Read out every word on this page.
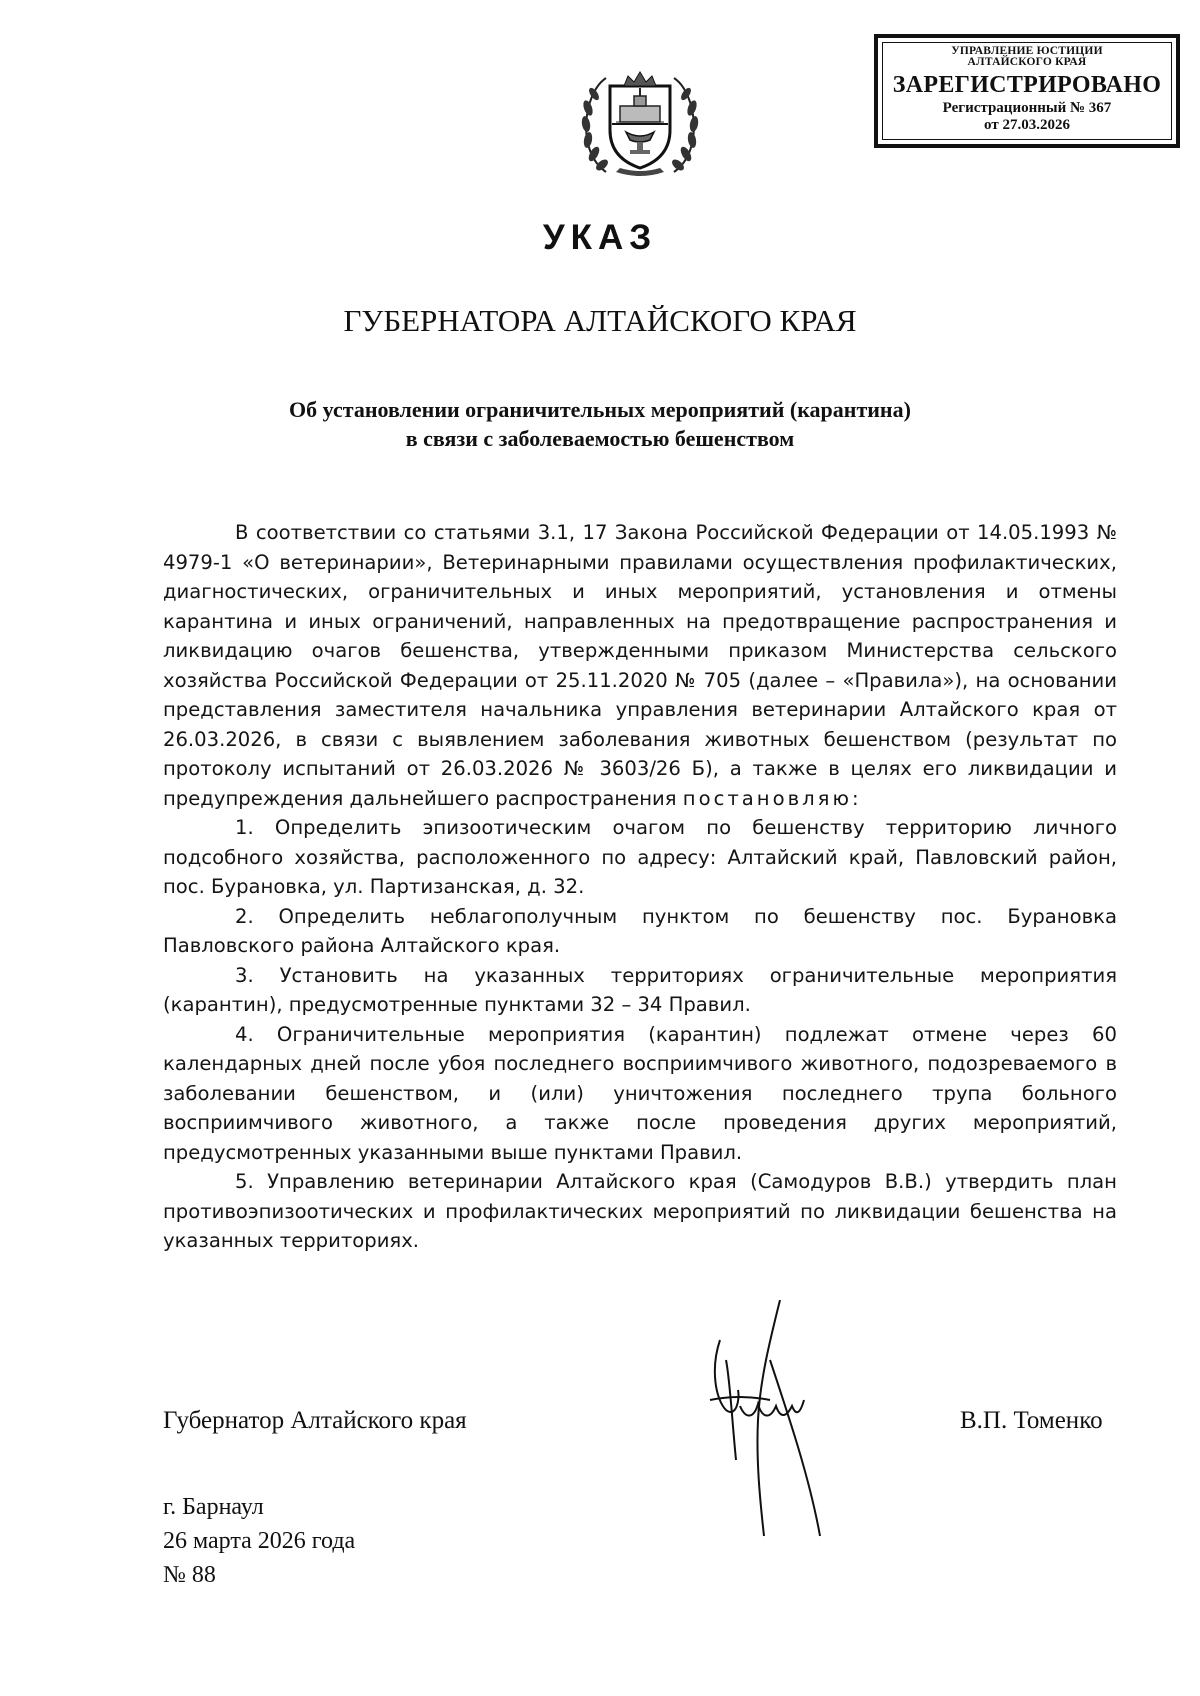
УПРАВЛЕНИЕ ЮСТИЦИИ
АЛТАЙСКОГО КРАЯ
ЗАРЕГИСТРИРОВАНО
Регистрационный № 367
от 27.03.2026
УКАЗ
ГУБЕРНАТОРА АЛТАЙСКОГО КРАЯ
Об установлении ограничительных мероприятий (карантина)
в связи с заболеваемостью бешенством

В соответствии со статьями 3.1, 17 Закона Российской Федерации от 14.05.1993 № 4979-1 «О ветеринарии», Ветеринарными правилами осуществления профилактических, диагностических, ограничительных и иных мероприятий, установления и отмены карантина и иных ограничений, направленных на предотвращение распространения и ликвидацию очагов бешенства, утвержденными приказом Министерства сельского хозяйства Российской Федерации от 25.11.2020 № 705 (далее – «Правила»), на основании представления заместителя начальника управления ветеринарии Алтайского края от 26.03.2026, в связи с выявлением заболевания животных бешенством (результат по протоколу испытаний от 26.03.2026 № 3603/26 Б), а также в целях его ликвидации и предупреждения дальнейшего распространения постановляю:

1. Определить эпизоотическим очагом по бешенству территорию личного подсобного хозяйства, расположенного по адресу: Алтайский край, Павловский район, пос. Бурановка, ул. Партизанская, д. 32.

2. Определить неблагополучным пунктом по бешенству пос. Бурановка Павловского района Алтайского края.

3. Установить на указанных территориях ограничительные мероприятия (карантин), предусмотренные пунктами 32 – 34 Правил.

4. Ограничительные мероприятия (карантин) подлежат отмене через 60 календарных дней после убоя последнего восприимчивого животного, подозреваемого в заболевании бешенством, и (или) уничтожения последнего трупа больного восприимчивого животного, а также после проведения других мероприятий, предусмотренных указанными выше пунктами Правил.

5. Управлению ветеринарии Алтайского края (Самодуров В.В.) утвердить план противоэпизоотических и профилактических мероприятий по ликвидации бешенства на указанных территориях.

Губернатор Алтайского края	В.П. Томенко
г. Барнаул
26 марта 2026 года
№ 88
